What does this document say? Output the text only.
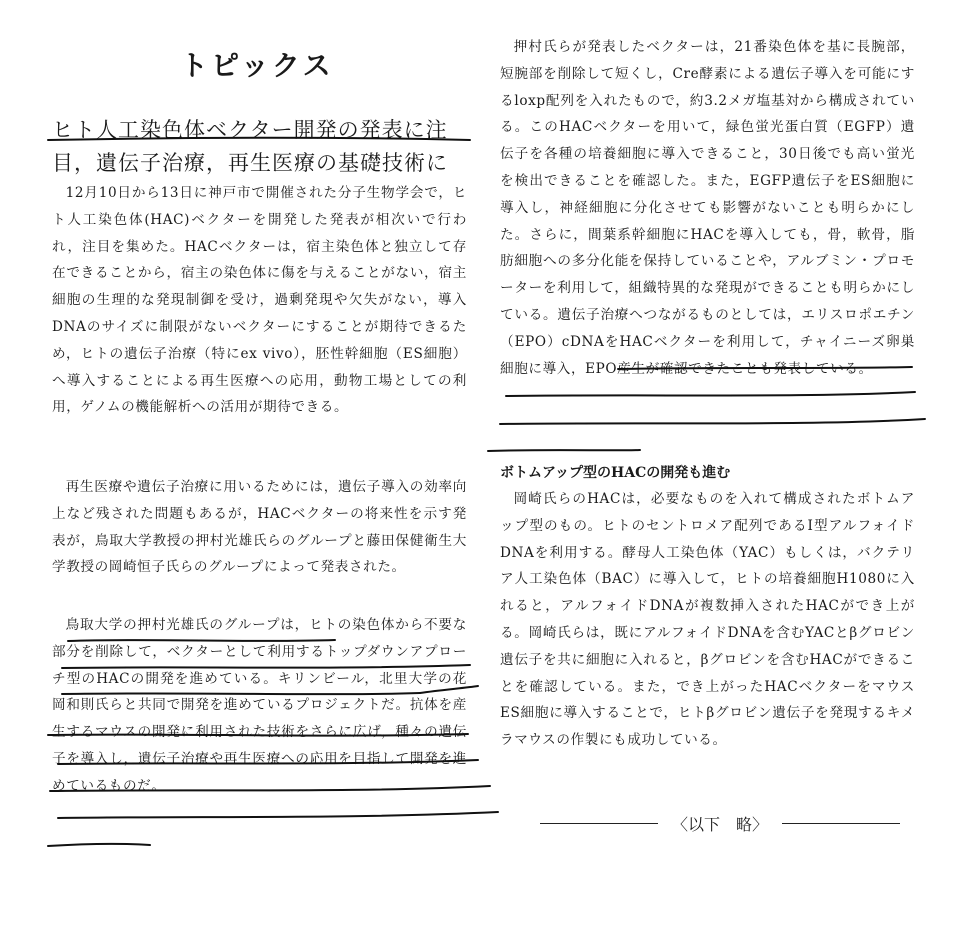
トピックス
ヒト人工染色体ベクター開発の発表に注目，遺伝子治療，再生医療の基礎技術に

12月10日から13日に神戸市で開催された分子生物学会で，ヒト人工染色体(HAC)ベクターを開発した発表が相次いで行われ，注目を集めた。HACベクターは，宿主染色体と独立して存在できることから，宿主の染色体に傷を与えることがない，宿主細胞の生理的な発現制御を受け，過剰発現や欠失がない，導入DNAのサイズに制限がないベクターにすることが期待できるため，ヒトの遺伝子治療（特にex vivo），胚性幹細胞（ES細胞）へ導入することによる再生医療への応用，動物工場としての利用，ゲノムの機能解析への活用が期待できる。

再生医療や遺伝子治療に用いるためには，遺伝子導入の効率向上など残された問題もあるが，HACベクターの将来性を示す発表が，鳥取大学教授の押村光雄氏らのグループと藤田保健衛生大学教授の岡崎恒子氏らのグループによって発表された。

鳥取大学の押村光雄氏のグループは，ヒトの染色体から不要な部分を削除して，ベクターとして利用するトップダウンアプローチ型のHACの開発を進めている。キリンビール，北里大学の花岡和則氏らと共同で開発を進めているプロジェクトだ。抗体を産生するマウスの開発に利用された技術をさらに広げ，種々の遺伝子を導入し，遺伝子治療や再生医療への応用を目指して開発を進めているものだ。

押村氏らが発表したベクターは，21番染色体を基に長腕部，短腕部を削除して短くし，Cre酵素による遺伝子導入を可能にするloxp配列を入れたもので，約3.2メガ塩基対から構成されている。このHACベクターを用いて，緑色蛍光蛋白質（EGFP）遺伝子を各種の培養細胞に導入できること，30日後でも高い蛍光を検出できることを確認した。また，EGFP遺伝子をES細胞に導入し，神経細胞に分化させても影響がないことも明らかにした。さらに，間葉系幹細胞にHACを導入しても，骨，軟骨，脂肪細胞への多分化能を保持していることや，アルブミン・プロモーターを利用して，組織特異的な発現ができることも明らかにしている。遺伝子治療へつながるものとしては，エリスロポエチン（EPO）cDNAをHACベクターを利用して，チャイニーズ卵巣細胞に導入，EPO産生が確認できたことも発表している。

ボトムアップ型のHACの開発も進む

岡崎氏らのHACは，必要なものを入れて構成されたボトムアップ型のもの。ヒトのセントロメア配列であるI型アルフォイドDNAを利用する。酵母人工染色体（YAC）もしくは，バクテリア人工染色体（BAC）に導入して，ヒトの培養細胞H1080に入れると，アルフォイドDNAが複数挿入されたHACができ上がる。岡崎氏らは，既にアルフォイドDNAを含むYACとβグロビン遺伝子を共に細胞に入れると，βグロビンを含むHACができることを確認している。また，でき上がったHACベクターをマウスES細胞に導入することで，ヒトβグロビン遺伝子を発現するキメラマウスの作製にも成功している。

〈以下　略〉
